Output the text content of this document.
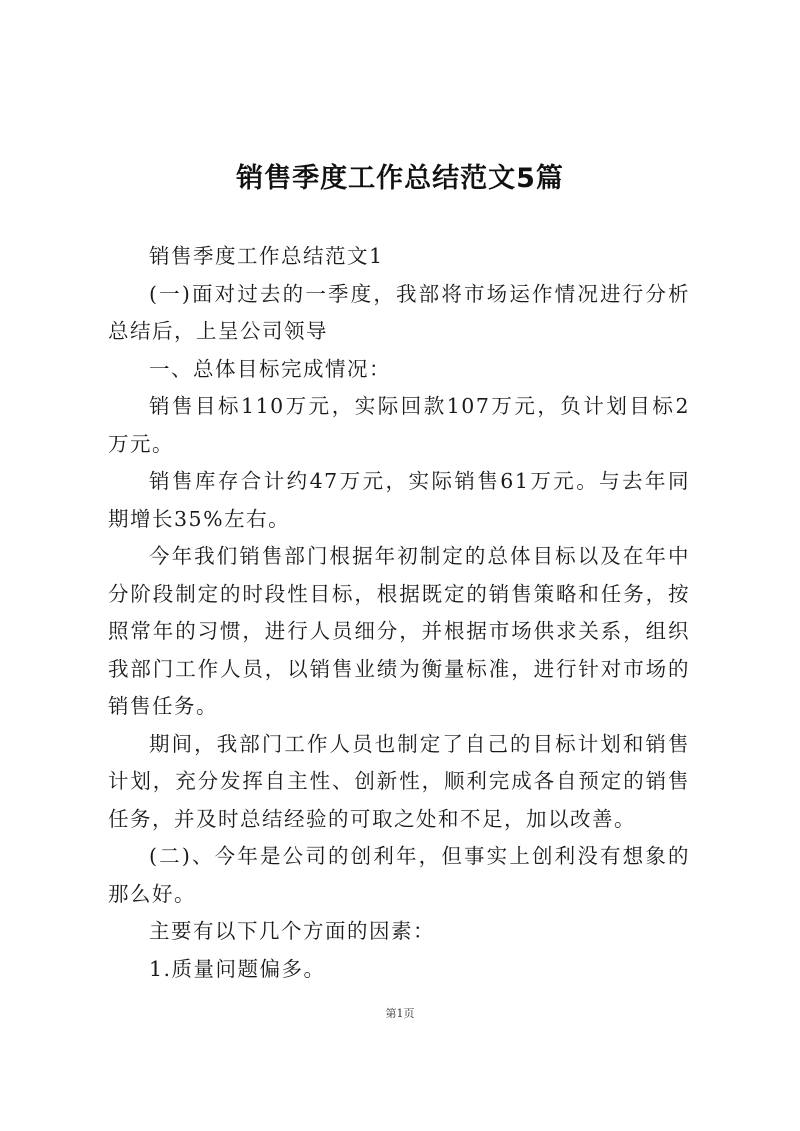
销售季度工作总结范文5篇

销售季度工作总结范文1

(一)面对过去的一季度，我部将市场运作情况进行分析总结后，上呈公司领导

一、总体目标完成情况：

销售目标110万元，实际回款107万元，负计划目标2万元。

销售库存合计约47万元，实际销售61万元。与去年同期增长35%左右。

今年我们销售部门根据年初制定的总体目标以及在年中分阶段制定的时段性目标，根据既定的销售策略和任务，按照常年的习惯，进行人员细分，并根据市场供求关系，组织我部门工作人员，以销售业绩为衡量标准，进行针对市场的销售任务。

期间，我部门工作人员也制定了自己的目标计划和销售计划，充分发挥自主性、创新性，顺利完成各自预定的销售任务，并及时总结经验的可取之处和不足，加以改善。

(二)、今年是公司的创利年，但事实上创利没有想象的那么好。

主要有以下几个方面的因素：

1.质量问题偏多。

第1页
